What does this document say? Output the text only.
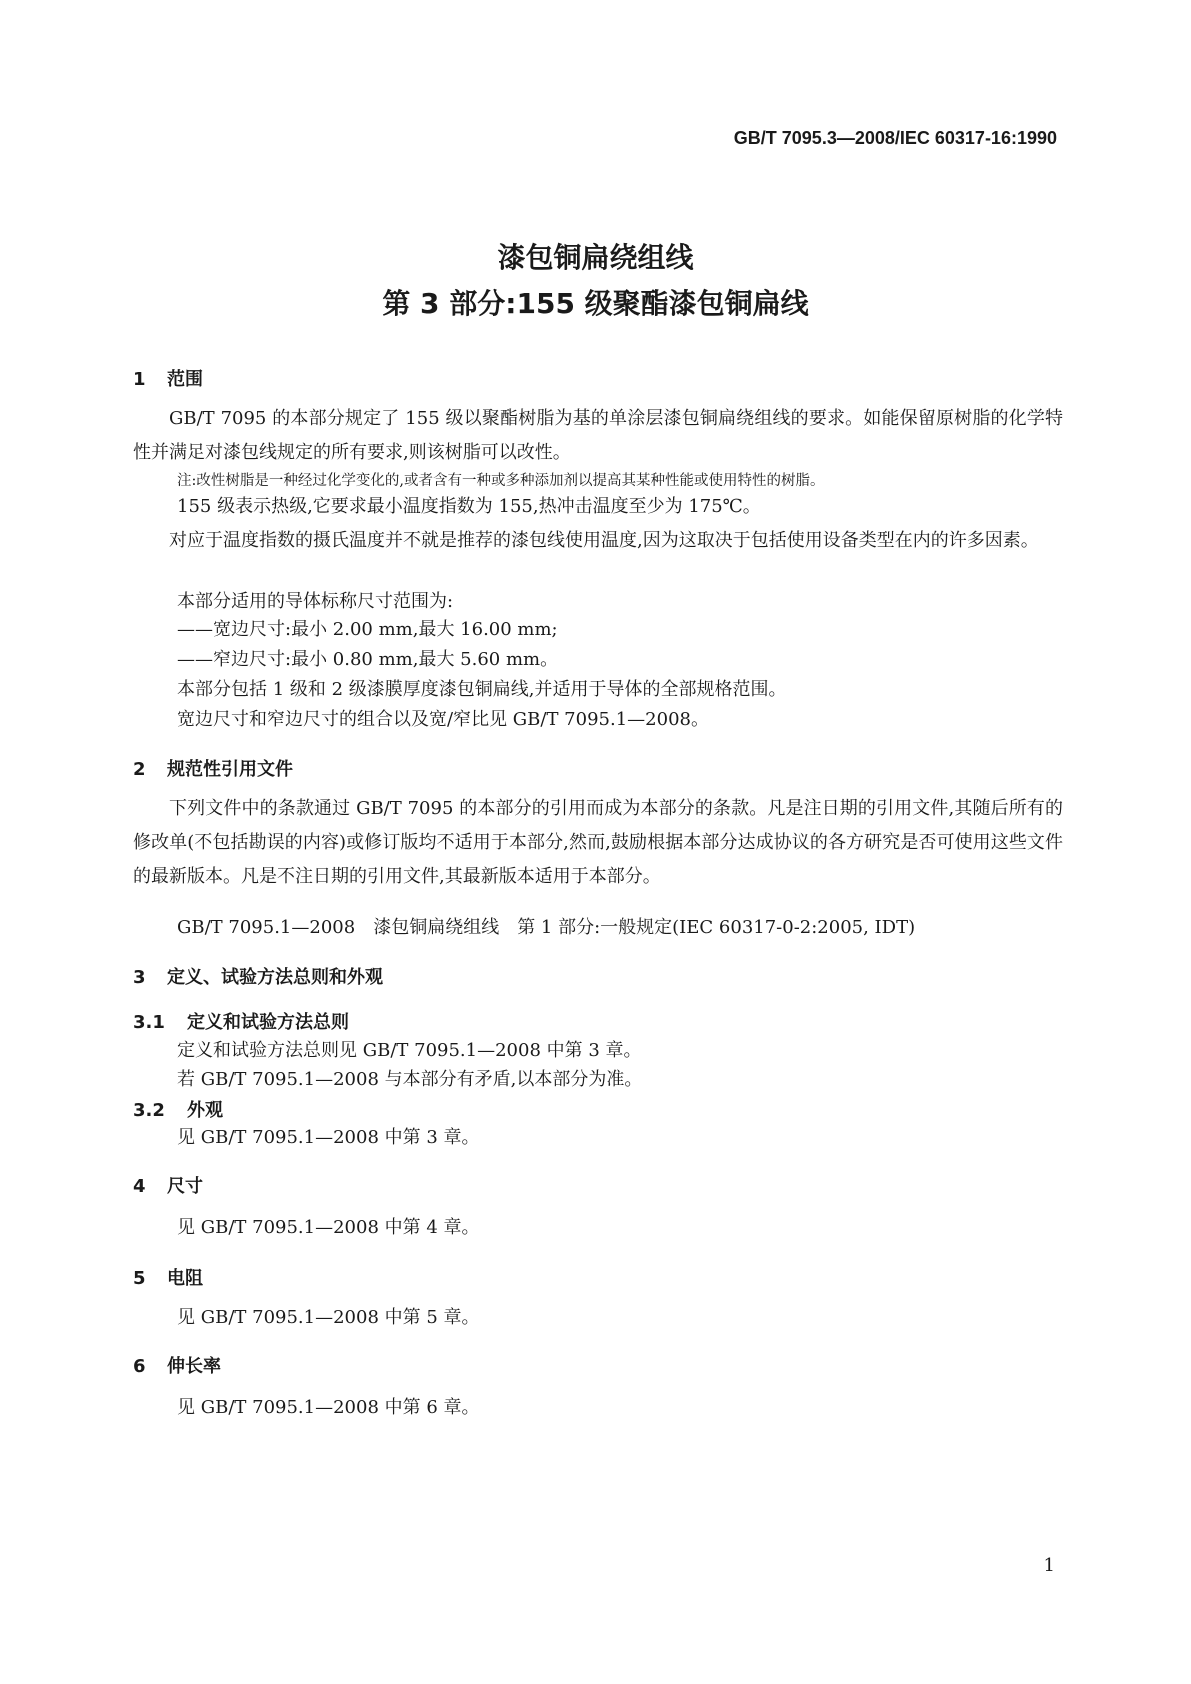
GB/T 7095.3—2008/IEC 60317-16:1990
漆包铜扁绕组线
第 3 部分:155 级聚酯漆包铜扁线
1 范围

GB/T 7095 的本部分规定了 155 级以聚酯树脂为基的单涂层漆包铜扁绕组线的要求。如能保留原树脂的化学特性并满足对漆包线规定的所有要求,则该树脂可以改性。

注:改性树脂是一种经过化学变化的,或者含有一种或多种添加剂以提高其某种性能或使用特性的树脂。
155 级表示热级,它要求最小温度指数为 155,热冲击温度至少为 175℃。

对应于温度指数的摄氏温度并不就是推荐的漆包线使用温度,因为这取决于包括使用设备类型在内的许多因素。

本部分适用的导体标称尺寸范围为:
——宽边尺寸:最小 2.00 mm,最大 16.00 mm;
——窄边尺寸:最小 0.80 mm,最大 5.60 mm。
本部分包括 1 级和 2 级漆膜厚度漆包铜扁线,并适用于导体的全部规格范围。
宽边尺寸和窄边尺寸的组合以及宽/窄比见 GB/T 7095.1—2008。
2 规范性引用文件

下列文件中的条款通过 GB/T 7095 的本部分的引用而成为本部分的条款。凡是注日期的引用文件,其随后所有的修改单(不包括勘误的内容)或修订版均不适用于本部分,然而,鼓励根据本部分达成协议的各方研究是否可使用这些文件的最新版本。凡是不注日期的引用文件,其最新版本适用于本部分。

GB/T 7095.1—2008　漆包铜扁绕组线　第 1 部分:一般规定(IEC 60317-0-2:2005, IDT)
3 定义、试验方法总则和外观
3.1 定义和试验方法总则
定义和试验方法总则见 GB/T 7095.1—2008 中第 3 章。
若 GB/T 7095.1—2008 与本部分有矛盾,以本部分为准。
3.2 外观
见 GB/T 7095.1—2008 中第 3 章。
4 尺寸
见 GB/T 7095.1—2008 中第 4 章。
5 电阻
见 GB/T 7095.1—2008 中第 5 章。
6 伸长率
见 GB/T 7095.1—2008 中第 6 章。
1
